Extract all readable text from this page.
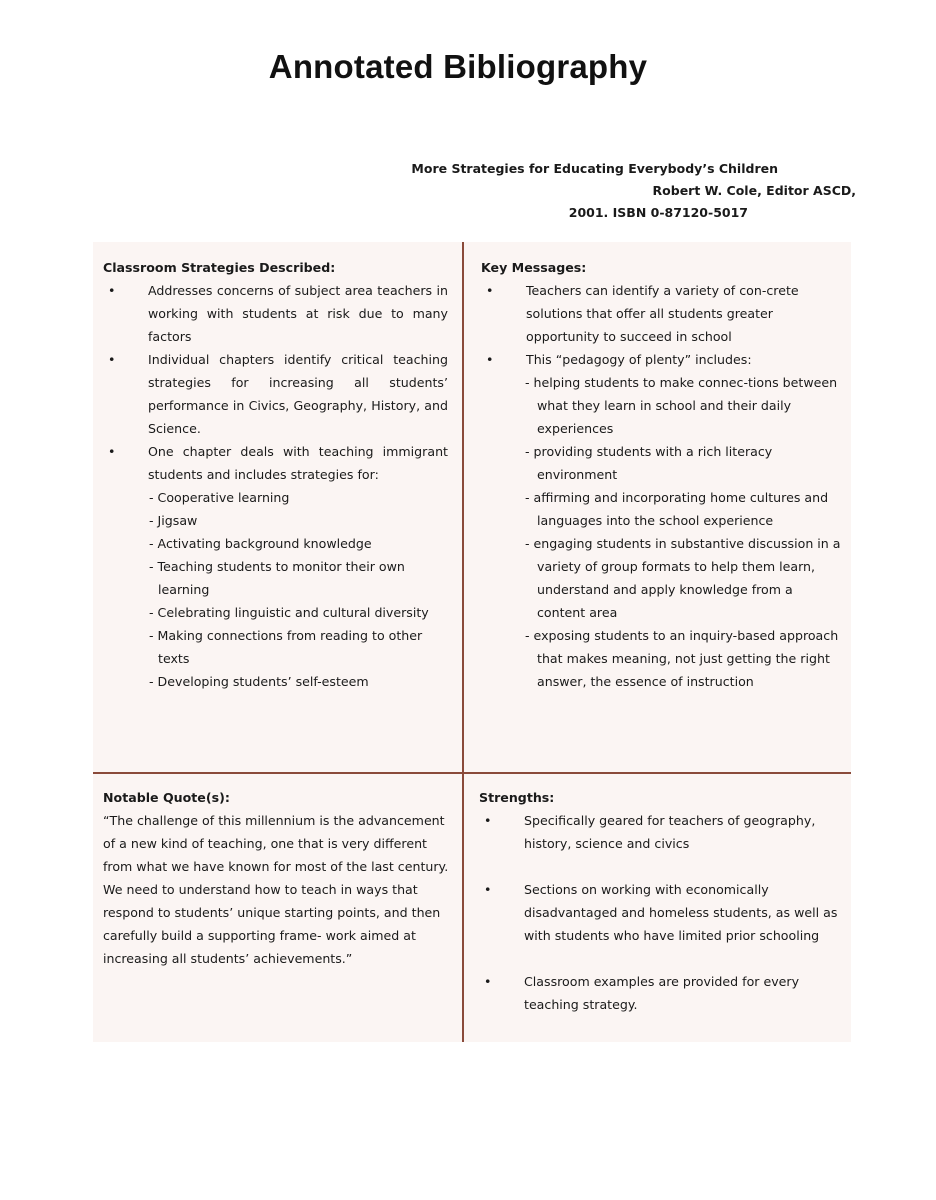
Annotated Bibliography
More Strategies for Educating Everybody’s Children
Robert W. Cole, Editor ASCD,
2001. ISBN 0-87120-5017
Classroom Strategies Described:
•	Addresses concerns of subject area teachers in working with students at risk due to many factors
•	Individual chapters identify critical teaching strategies for increasing all students’ performance in Civics, Geography, History, and Science.
•	One chapter deals with teaching immigrant students and includes strategies for:
- Cooperative learning
- Jigsaw
- Activating background knowledge
- Teaching students to monitor their own learning
- Celebrating linguistic and cultural diversity
- Making connections from reading to other texts
- Developing students’ self-esteem
Key Messages:
•	Teachers can identify a variety of con-crete solutions that offer all students greater opportunity to succeed in school
•	This “pedagogy of plenty” includes:
- helping students to make connec-tions between what they learn in school and their daily experiences
- providing students with a rich literacy environment
- affirming and incorporating home cultures and languages into the school experience
- engaging students in substantive discussion in a variety of group formats to help them learn, understand and apply knowledge from a content area
- exposing students to an inquiry-based approach that makes meaning, not just getting the right answer, the essence of instruction
Notable Quote(s):
“The challenge of this millennium is the advancement of a new kind of teaching, one that is very different from what we have known for most of the last century. We need to understand how to teach in ways that respond to students’ unique starting points, and then carefully build a supporting frame- work aimed at increasing all students’ achievements.”
Strengths:
•	Specifically geared for teachers of geography, history, science and civics
•	Sections on working with economically disadvantaged and homeless students, as well as with students who have limited prior schooling
•	Classroom examples are provided for every teaching strategy.
